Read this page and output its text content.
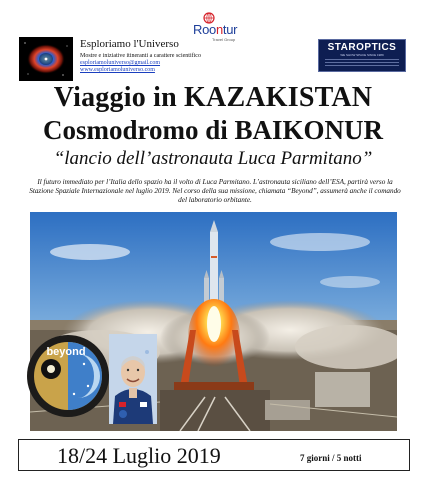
Esploriamo l'Universo
Mostre e iniziative itineranti a carattere scientifico
esploriamoluniverso@gmail.com
www.esploriamoluniverso.com
Roontur
Travel Group
STAROPTICS
WE SHOW SPACE SINCE 1989
Viaggio in KAZAKISTAN
Cosmodromo di BAIKONUR
“lancio dell’astronauta Luca Parmitano”
Il futuro immediato per l’Italia dello spazio ha il volto di Luca Parmitano. L’astronauta siciliano dell’ESA, partirà verso la Stazione Spaziale Internazionale nel luglio 2019. Nel corso della sua missione, chiamata “Beyond”, assumerà anche il comando del laboratorio orbitante.
beyond
18/24 Luglio 2019	7 giorni / 5 notti
